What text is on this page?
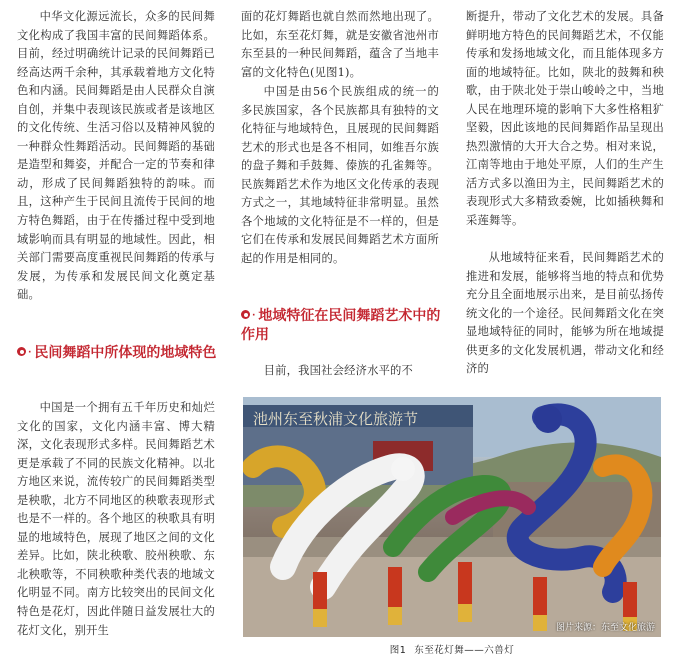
中华文化源远流长，众多的民间舞文化构成了我国丰富的民间舞蹈体系。目前，经过明确统计记录的民间舞蹈已经高达两千余种，其承载着地方文化特色和内涵。民间舞蹈是由人民群众自演自创，并集中表现该民族或者是该地区的文化传统、生活习俗以及精神风貌的一种群众性舞蹈活动。民间舞蹈的基础是造型和舞姿，并配合一定的节奏和律动，形成了民间舞蹈独特的韵味。而且，这种产生于民间且流传于民间的地方特色舞蹈，由于在传播过程中受到地域影响而具有明显的地域性。因此，相关部门需要高度重视民间舞蹈的传承与发展，为传承和发展民间文化奠定基础。

· 民间舞蹈中所体现的地域特色

中国是一个拥有五千年历史和灿烂文化的国家，文化内涵丰富、博大精深，文化表现形式多样。民间舞蹈艺术更是承载了不同的民族文化精神。以北方地区来说，流传较广的民间舞蹈类型是秧歌，北方不同地区的秧歌表现形式也是不一样的。各个地区的秧歌具有明显的地域特色，展现了地区之间的文化差异。比如，陕北秧歌、胶州秧歌、东北秧歌等，不同秧歌种类代表的地域文化明显不同。南方比较突出的民间文化特色是花灯，因此伴随日益发展壮大的花灯文化，别开生

面的花灯舞蹈也就自然而然地出现了。比如，东至花灯舞，就是安徽省池州市东至县的一种民间舞蹈，蕴含了当地丰富的文化特色(见图1)。

中国是由56个民族组成的统一的多民族国家，各个民族都具有独特的文化特征与地域特色，且展现的民间舞蹈艺术的形式也是各不相同，如维吾尔族的盘子舞和手鼓舞、傣族的孔雀舞等。民族舞蹈艺术作为地区文化传承的表现方式之一，其地域特征非常明显。虽然各个地域的文化特征是不一样的，但是它们在传承和发展民间舞蹈艺术方面所起的作用是相同的。

· 地域特征在民间舞蹈艺术中的作用

目前，我国社会经济水平的不

断提升，带动了文化艺术的发展。具备鲜明地方特色的民间舞蹈艺术，不仅能传承和发扬地域文化，而且能体现多方面的地域特征。比如，陕北的鼓舞和秧歌，由于陕北处于崇山峻岭之中，当地人民在地理环境的影响下大多性格粗犷坚毅，因此该地的民间舞蹈作品呈现出热烈激情的大开大合之势。相对来说，江南等地由于地处平原，人们的生产生活方式多以渔田为主，民间舞蹈艺术的表现形式大多精致委婉，比如插秧舞和采莲舞等。

从地域特征来看，民间舞蹈艺术的推进和发展，能够将当地的特点和优势充分且全面地展示出来，是目前弘扬传统文化的一个途径。民间舞蹈文化在突显地域特征的同时，能够为所在地域提供更多的文化发展机遇，带动文化和经济的

池州东至秋浦文化旅游节
图片来源：东至文化旅游
图1 东至花灯舞——六兽灯
